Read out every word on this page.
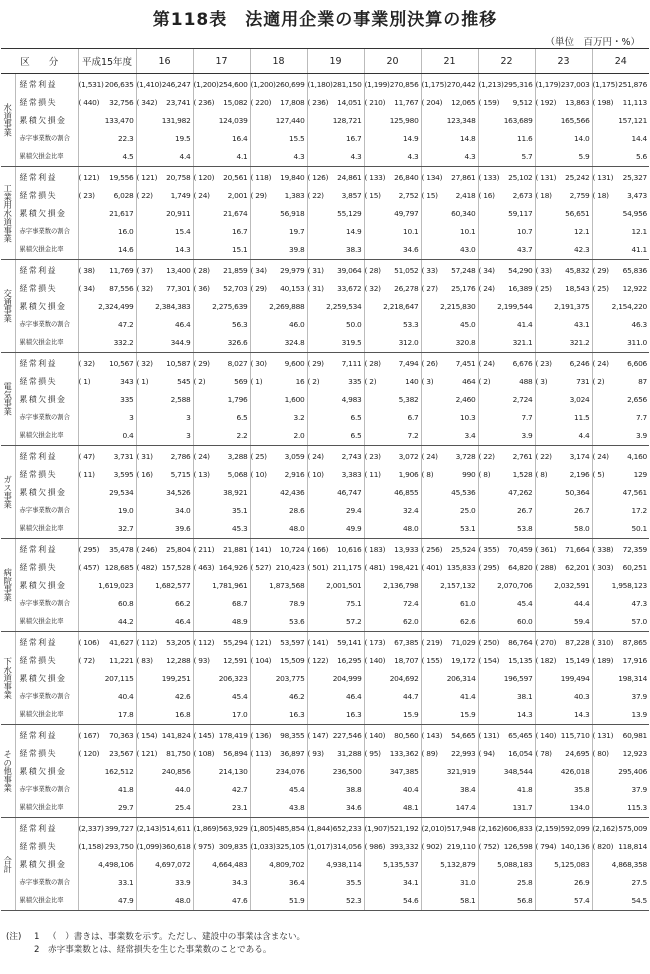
第118表　法適用企業の事業別決算の推移
（単位　百万円・%）
区　　分		平成15年度	16	17	18	19	20	21	22	23	24
水道事業	経常利益	(1,531) 206,635	(1,410) 246,247	(1,200) 254,600	(1,200) 260,699	(1,180) 281,150	(1,199) 270,856	(1,175) 270,442	(1,213) 295,316	(1,179) 237,003	(1,175) 251,876

	経常損失	( 440) 32,756	( 342) 23,741	( 236) 15,082	( 220) 17,808	( 236) 14,051	( 210) 11,767	( 204) 12,065	( 159) 9,512	( 192) 13,863	( 198) 11,113

	累積欠損金	133,470	131,982	124,039	127,440	128,721	125,980	123,348	163,689	165,566	157,121

	赤字事業数の割合	22.3	19.5	16.4	15.5	16.7	14.9	14.8	11.6	14.0	14.4

	累積欠損金比率	4.5	4.4	4.1	4.3	4.3	4.3	4.3	5.7	5.9	5.6

工業用水道事業	経常利益	( 121) 19,556	( 121) 20,758	( 120) 20,561	( 118) 19,840	( 126) 24,861	( 133) 26,840	( 134) 27,861	( 133) 25,102	( 131) 25,242	( 131) 25,327

	経常損失	( 23) 6,028	( 22) 1,749	( 24) 2,001	( 29) 1,383	( 22) 3,857	( 15) 2,752	( 15) 2,418	( 16) 2,673	( 18) 2,759	( 18) 3,473

	累積欠損金	21,617	20,911	21,674	56,918	55,129	49,797	60,340	59,117	56,651	54,956

	赤字事業数の割合	16.0	15.4	16.7	19.7	14.9	10.1	10.1	10.7	12.1	12.1

	累積欠損金比率	14.6	14.3	15.1	39.8	38.3	34.6	43.0	43.7	42.3	41.1

交通事業	経常利益	( 38) 11,769	( 37) 13,400	( 28) 21,859	( 34) 29,979	( 31) 39,064	( 28) 51,052	( 33) 57,248	( 34) 54,290	( 33) 45,832	( 29) 65,836

	経常損失	( 34) 87,556	( 32) 77,301	( 36) 52,703	( 29) 40,153	( 31) 33,672	( 32) 26,278	( 27) 25,176	( 24) 16,389	( 25) 18,543	( 25) 12,922

	累積欠損金	2,324,499	2,384,383	2,275,639	2,269,888	2,259,534	2,218,647	2,215,830	2,199,544	2,191,375	2,154,220

	赤字事業数の割合	47.2	46.4	56.3	46.0	50.0	53.3	45.0	41.4	43.1	46.3

	累積欠損金比率	332.2	344.9	326.6	324.8	319.5	312.0	320.8	321.1	321.2	311.0

電気事業	経常利益	( 32) 10,567	( 32) 10,587	( 29) 8,027	( 30) 9,600	( 29) 7,111	( 28) 7,494	( 26) 7,451	( 24) 6,676	( 23) 6,246	( 24) 6,606

	経常損失	( 1) 343	( 1) 545	( 2) 569	( 1) 16	( 2) 335	( 2) 140	( 3) 464	( 2) 488	( 3) 731	( 2) 87

	累積欠損金	335	2,588	1,796	1,600	4,983	5,382	2,460	2,724	3,024	2,656

	赤字事業数の割合	3	3	6.5	3.2	6.5	6.7	10.3	7.7	11.5	7.7

	累積欠損金比率	0.4	3	2.2	2.0	6.5	7.2	3.4	3.9	4.4	3.9

ガス事業	経常利益	( 47) 3,731	( 31) 2,786	( 24) 3,288	( 25) 3,059	( 24) 2,743	( 23) 3,072	( 24) 3,728	( 22) 2,761	( 22) 3,174	( 24) 4,160

	経常損失	( 11) 3,595	( 16) 5,715	( 13) 5,068	( 10) 2,916	( 10) 3,383	( 11) 1,906	( 8) 990	( 8) 1,528	( 8) 2,196	( 5) 129

	累積欠損金	29,534	34,526	38,921	42,436	46,747	46,855	45,536	47,262	50,364	47,561

	赤字事業数の割合	19.0	34.0	35.1	28.6	29.4	32.4	25.0	26.7	26.7	17.2

	累積欠損金比率	32.7	39.6	45.3	48.0	49.9	48.0	53.1	53.8	58.0	50.1

病院事業	経常利益	( 295) 35,478	( 246) 25,804	( 211) 21,881	( 141) 10,724	( 166) 10,616	( 183) 13,933	( 256) 25,524	( 355) 70,459	( 361) 71,664	( 338) 72,359

	経常損失	( 457) 128,685	( 482) 157,528	( 463) 164,926	( 527) 210,423	( 501) 211,175	( 481) 198,421	( 401) 135,833	( 295) 64,820	( 288) 62,201	( 303) 60,251

	累積欠損金	1,619,023	1,682,577	1,781,961	1,873,568	2,001,501	2,136,798	2,157,132	2,070,706	2,032,591	1,958,123

	赤字事業数の割合	60.8	66.2	68.7	78.9	75.1	72.4	61.0	45.4	44.4	47.3

	累積欠損金比率	44.2	46.4	48.9	53.6	57.2	62.0	62.6	60.0	59.4	57.0

下水道事業	経常利益	( 106) 41,627	( 112) 53,205	( 112) 55,294	( 121) 53,597	( 141) 59,141	( 173) 67,385	( 219) 71,029	( 250) 86,764	( 270) 87,228	( 310) 87,865

	経常損失	( 72) 11,221	( 83) 12,288	( 93) 12,591	( 104) 15,509	( 122) 16,295	( 140) 18,707	( 155) 19,172	( 154) 15,135	( 182) 15,149	( 189) 17,916

	累積欠損金	207,115	199,251	206,323	203,775	204,999	204,692	206,314	196,597	199,494	198,314

	赤字事業数の割合	40.4	42.6	45.4	46.2	46.4	44.7	41.4	38.1	40.3	37.9

	累積欠損金比率	17.8	16.8	17.0	16.3	16.3	15.9	15.9	14.3	14.3	13.9

その他事業	経常利益	( 167) 70,363	( 154) 141,824	( 145) 178,419	( 136) 98,355	( 147) 227,546	( 140) 80,560	( 143) 54,665	( 131) 65,465	( 140) 115,710	( 131) 60,981

	経常損失	( 120) 23,567	( 121) 81,750	( 108) 56,894	( 113) 36,897	( 93) 31,288	( 95) 133,362	( 89) 22,993	( 94) 16,054	( 78) 24,695	( 80) 12,923

	累積欠損金	162,512	240,856	214,130	234,076	236,500	347,385	321,919	348,544	426,018	295,406

	赤字事業数の割合	41.8	44.0	42.7	45.4	38.8	40.4	38.4	41.8	35.8	37.9

	累積欠損金比率	29.7	25.4	23.1	43.8	34.6	48.1	147.4	131.7	134.0	115.3

合計	経常利益	(2,337) 399,727	(2,143) 514,611	(1,869) 563,929	(1,805) 485,854	(1,844) 652,233	(1,907) 521,192	(2,010) 517,948	(2,162) 606,833	(2,159) 592,099	(2,162) 575,009

	経常損失	(1,158) 293,750	(1,099) 360,618	( 975) 309,835	(1,033) 325,105	(1,017) 314,056	( 986) 393,332	( 902) 219,110	( 752) 126,598	( 794) 140,136	( 820) 118,814

	累積欠損金	4,498,106	4,697,072	4,664,483	4,809,702	4,938,114	5,135,537	5,132,879	5,088,183	5,125,083	4,868,358

	赤字事業数の割合	33.1	33.9	34.3	36.4	35.5	34.1	31.0	25.8	26.9	27.5

	累積欠損金比率	47.9	48.0	47.6	51.9	52.3	54.6	58.1	56.8	57.4	54.5
(注)	1 （　）書きは、事業数を示す。ただし、建設中の事業は含まない。
2 赤字事業数とは、経常損失を生じた事業数のことである。
